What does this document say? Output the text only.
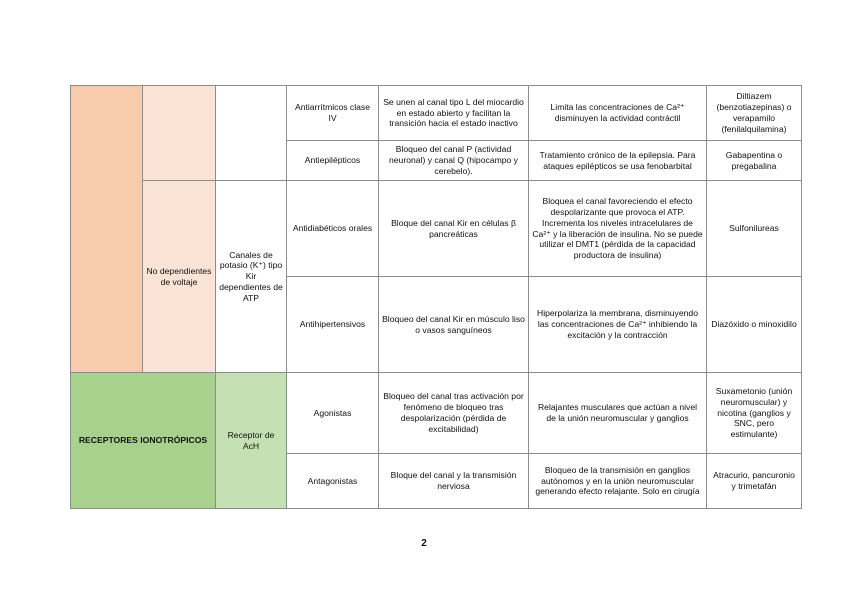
			Antiarrítmicos clase IV	Se unen al canal tipo L del miocardio en estado abierto y facilitan la transición hacia el estado inactivo	Limita las concentraciones de Ca²⁺ disminuyen la actividad contráctil	Diltiazem (benzotiazepinas) o verapamilo (fenilalquilamina)
			Antiepilépticos	Bloqueo del canal P (actividad neuronal) y canal Q (hipocampo y cerebelo).	Tratamiento crónico de la epilepsia. Para ataques epilépticos se usa fenobarbital	Gabapentina o pregabalina
	No dependientes de voltaje	Canales de potasio (K⁺) tipo Kir dependientes de ATP	Antidiabéticos orales	Bloque del canal Kir en células β pancreáticas	Bloquea el canal favoreciendo el efecto despolarizante que provoca el ATP. Incrementa los niveles intracelulares de Ca²⁺ y la liberación de insulina. No se puede utilizar el DMT1 (pérdida de la capacidad productora de insulina)	Sulfonilureas
			Antihipertensivos	Bloqueo del canal Kir en músculo liso o vasos sanguíneos	Hiperpolariza la membrana, disminuyendo las concentraciones de Ca²⁺ inhibiendo la excitación y la contracción	Diazóxido o minoxidilo
RECEPTORES IONOTRÓPICOS		Receptor de AcH	Agonistas	Bloqueo del canal tras activación por fenómeno de bloqueo tras despolarización (pérdida de excitabilidad)	Relajantes musculares que actúan a nivel de la unión neuromuscular y ganglios	Suxametonio (unión neuromuscular) y nicotina (ganglios y SNC, pero estimulante)
			Antagonistas	Bloque del canal y la transmisión nerviosa	Bloqueo de la transmisión en ganglios autónomos y en la unión neuromuscular generando efecto relajante. Solo en cirugía	Atracurio, pancuronio y trimetafán
2
